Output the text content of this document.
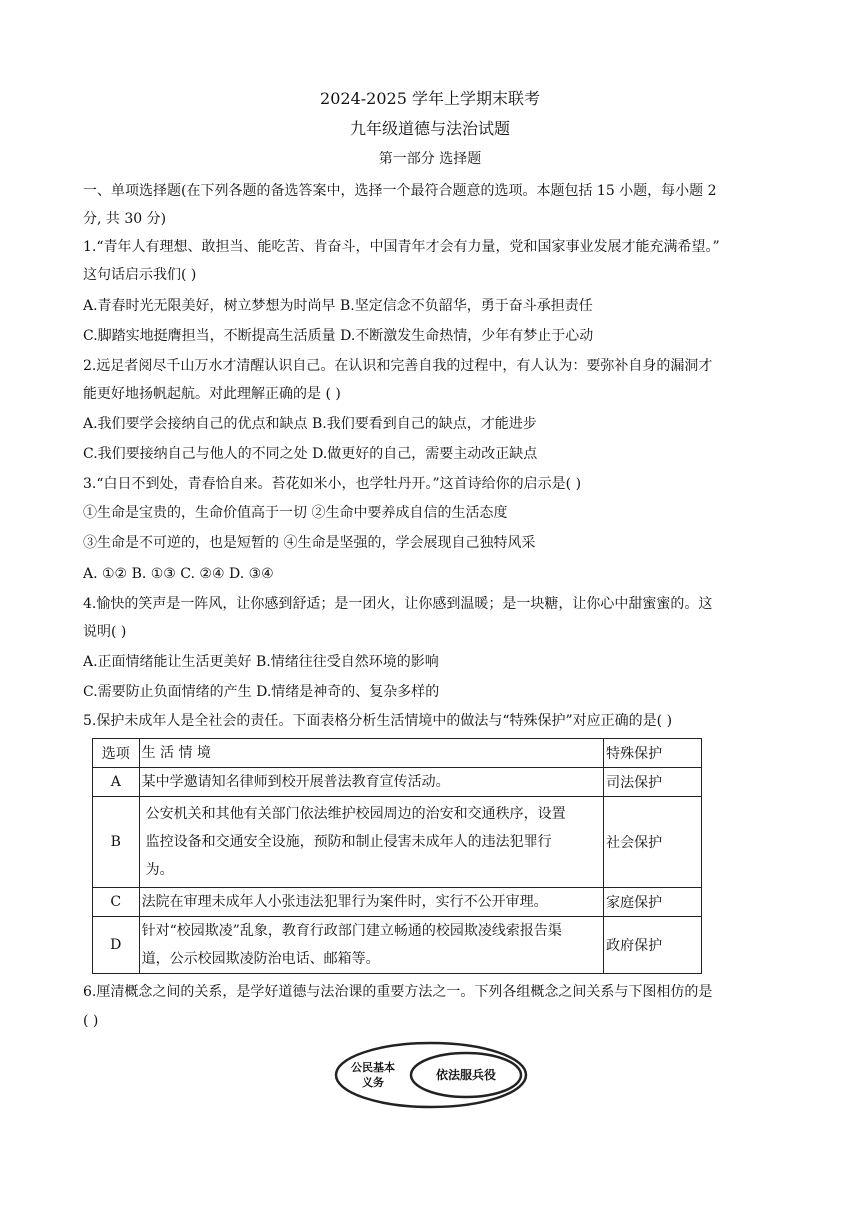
2024-2025 学年上学期末联考
九年级道德与法治试题
第一部分 选择题
一、单项选择题(在下列各题的备选答案中，选择一个最符合题意的选项。本题包括 15 小题，每小题 2
分, 共 30 分)
1.“青年人有理想、敢担当、能吃苦、肯奋斗，中国青年才会有力量，党和国家事业发展才能充满希望。”
这句话启示我们( )
A.青春时光无限美好，树立梦想为时尚早 B.坚定信念不负韶华，勇于奋斗承担责任
C.脚踏实地挺膺担当，不断提高生活质量 D.不断激发生命热情，少年有梦止于心动
2.远足者阅尽千山万水才清醒认识自己。在认识和完善自我的过程中，有人认为：要弥补自身的漏洞才
能更好地扬帆起航。对此理解正确的是 ( )
A.我们要学会接纳自己的优点和缺点 B.我们要看到自己的缺点，才能进步
C.我们要接纳自己与他人的不同之处 D.做更好的自己，需要主动改正缺点
3.“白日不到处，青春恰自来。苔花如米小，也学牡丹开。”这首诗给你的启示是( )
①生命是宝贵的，生命价值高于一切 ②生命中要养成自信的生活态度
③生命是不可逆的，也是短暂的 ④生命是坚强的，学会展现自己独特风采
A. ①② B. ①③ C. ②④ D. ③④
4.愉快的笑声是一阵风，让你感到舒适；是一团火，让你感到温暖；是一块糖，让你心中甜蜜蜜的。这
说明( )
A.正面情绪能让生活更美好 B.情绪往往受自然环境的影响
C.需要防止负面情绪的产生 D.情绪是神奇的、复杂多样的
5.保护未成年人是全社会的责任。下面表格分析生活情境中的做法与“特殊保护”对应正确的是( )
选项	生 活 情 境	特殊保护
A	某中学邀请知名律师到校开展普法教育宣传活动。	司法保护
B	公安机关和其他有关部门依法维护校园周边的治安和交通秩序，设置
监控设备和交通安全设施，预防和制止侵害未成年人的违法犯罪行
为。	社会保护
C	法院在审理未成年人小张违法犯罪行为案件时，实行不公开审理。	家庭保护
D	针对“校园欺凌”乱象，教育行政部门建立畅通的校园欺凌线索报告渠
道，公示校园欺凌防治电话、邮箱等。	政府保护
6.厘清概念之间的关系，是学好道德与法治课的重要方法之一。下列各组概念之间关系与下图相仿的是
( )
公民基本
义务
依法服兵役
